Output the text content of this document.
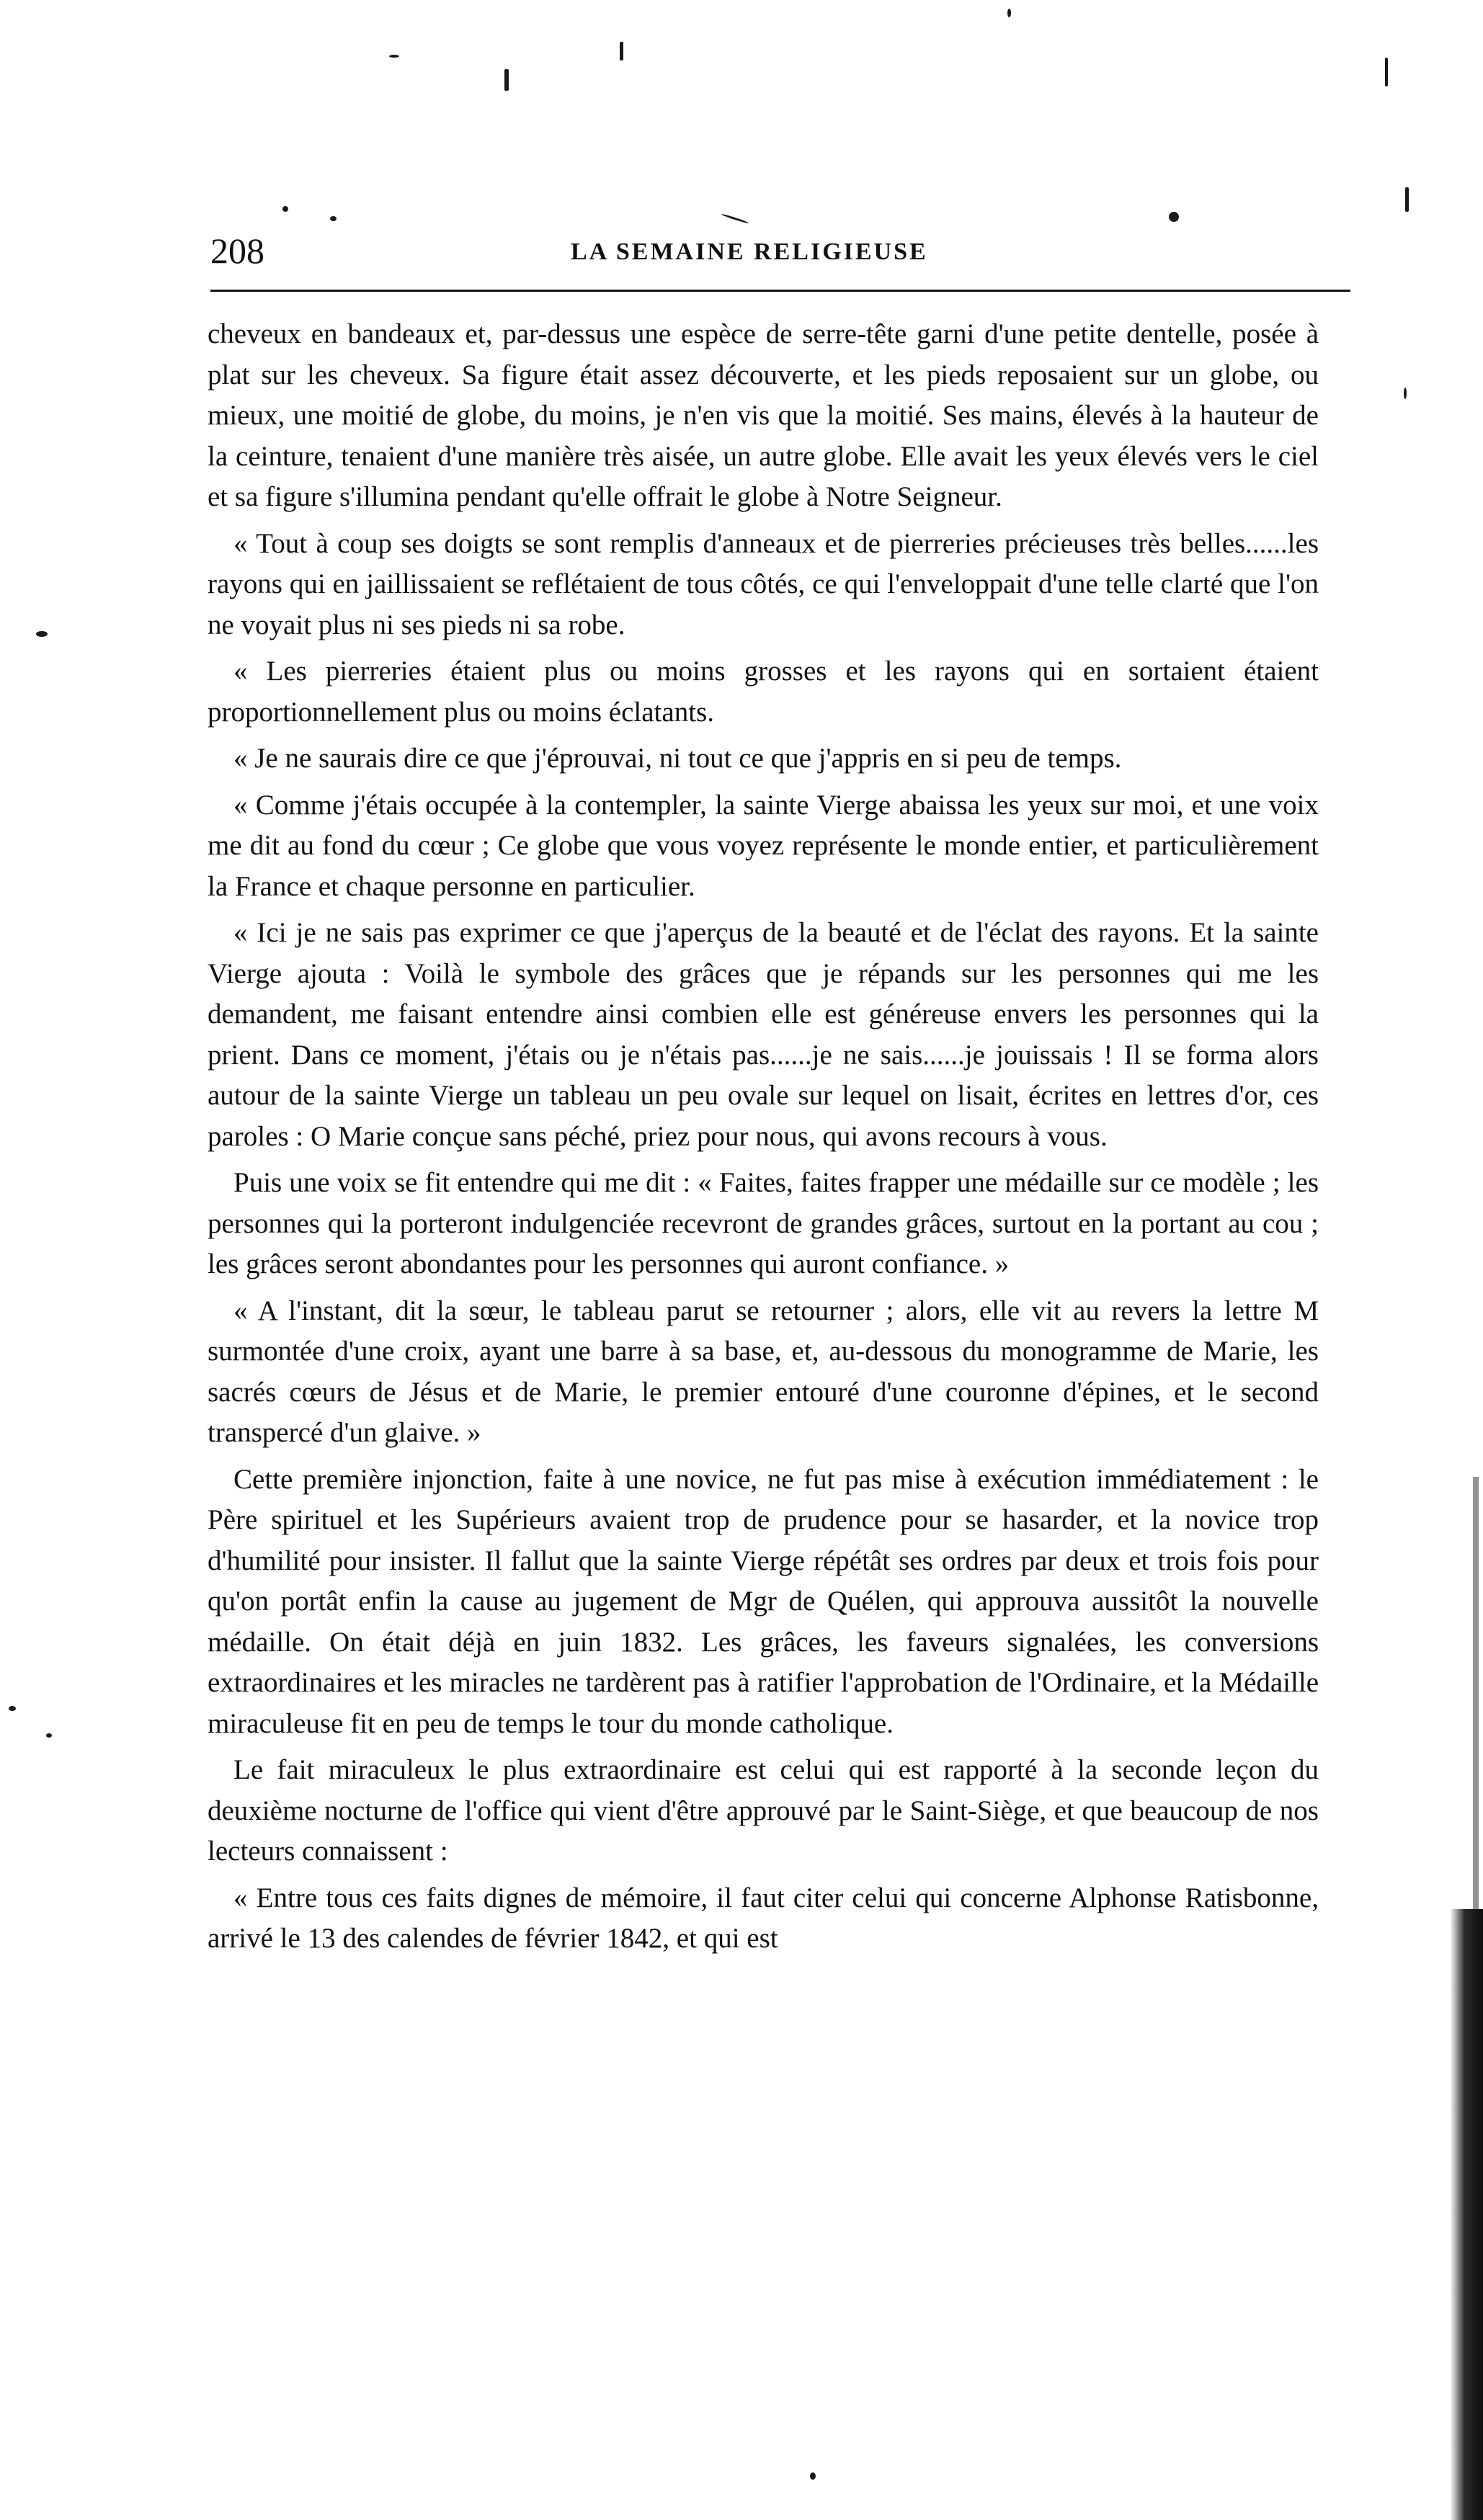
208	LA SEMAINE RELIGIEUSE

cheveux en bandeaux et, par-dessus une espèce de serre-tête garni d'une petite dentelle, posée à plat sur les cheveux. Sa figure était assez découverte, et les pieds reposaient sur un globe, ou mieux, une moitié de globe, du moins, je n'en vis que la moitié. Ses mains, élevés à la hauteur de la ceinture, tenaient d'une manière très aisée, un autre globe. Elle avait les yeux élevés vers le ciel et sa figure s'illumina pendant qu'elle offrait le globe à Notre Seigneur.

« Tout à coup ses doigts se sont remplis d'anneaux et de pierreries précieuses très belles......les rayons qui en jaillissaient se reflétaient de tous côtés, ce qui l'enveloppait d'une telle clarté que l'on ne voyait plus ni ses pieds ni sa robe.

« Les pierreries étaient plus ou moins grosses et les rayons qui en sortaient étaient proportionnellement plus ou moins éclatants.

« Je ne saurais dire ce que j'éprouvai, ni tout ce que j'appris en si peu de temps.

« Comme j'étais occupée à la contempler, la sainte Vierge abaissa les yeux sur moi, et une voix me dit au fond du cœur ; Ce globe que vous voyez représente le monde entier, et particulièrement la France et chaque personne en particulier.

« Ici je ne sais pas exprimer ce que j'aperçus de la beauté et de l'éclat des rayons. Et la sainte Vierge ajouta : Voilà le symbole des grâces que je répands sur les personnes qui me les demandent, me faisant entendre ainsi combien elle est généreuse envers les personnes qui la prient. Dans ce moment, j'étais ou je n'étais pas......je ne sais......je jouissais ! Il se forma alors autour de la sainte Vierge un tableau un peu ovale sur lequel on lisait, écrites en lettres d'or, ces paroles : O Marie conçue sans péché, priez pour nous, qui avons recours à vous.

Puis une voix se fit entendre qui me dit : « Faites, faites frapper une médaille sur ce modèle ; les personnes qui la porteront indulgenciée recevront de grandes grâces, surtout en la portant au cou ; les grâces seront abondantes pour les personnes qui auront confiance. »

« A l'instant, dit la sœur, le tableau parut se retourner ; alors, elle vit au revers la lettre M surmontée d'une croix, ayant une barre à sa base, et, au-dessous du monogramme de Marie, les sacrés cœurs de Jésus et de Marie, le premier entouré d'une couronne d'épines, et le second transpercé d'un glaive. »

Cette première injonction, faite à une novice, ne fut pas mise à exécution immédiatement : le Père spirituel et les Supérieurs avaient trop de prudence pour se hasarder, et la novice trop d'humilité pour insister. Il fallut que la sainte Vierge répétât ses ordres par deux et trois fois pour qu'on portât enfin la cause au jugement de Mgr de Quélen, qui approuva aussitôt la nouvelle médaille. On était déjà en juin 1832. Les grâces, les faveurs signalées, les conversions extraordinaires et les miracles ne tardèrent pas à ratifier l'approbation de l'Ordinaire, et la Médaille miraculeuse fit en peu de temps le tour du monde catholique.

Le fait miraculeux le plus extraordinaire est celui qui est rapporté à la seconde leçon du deuxième nocturne de l'office qui vient d'être approuvé par le Saint-Siège, et que beaucoup de nos lecteurs connaissent :

« Entre tous ces faits dignes de mémoire, il faut citer celui qui concerne Alphonse Ratisbonne, arrivé le 13 des calendes de février 1842, et qui est
